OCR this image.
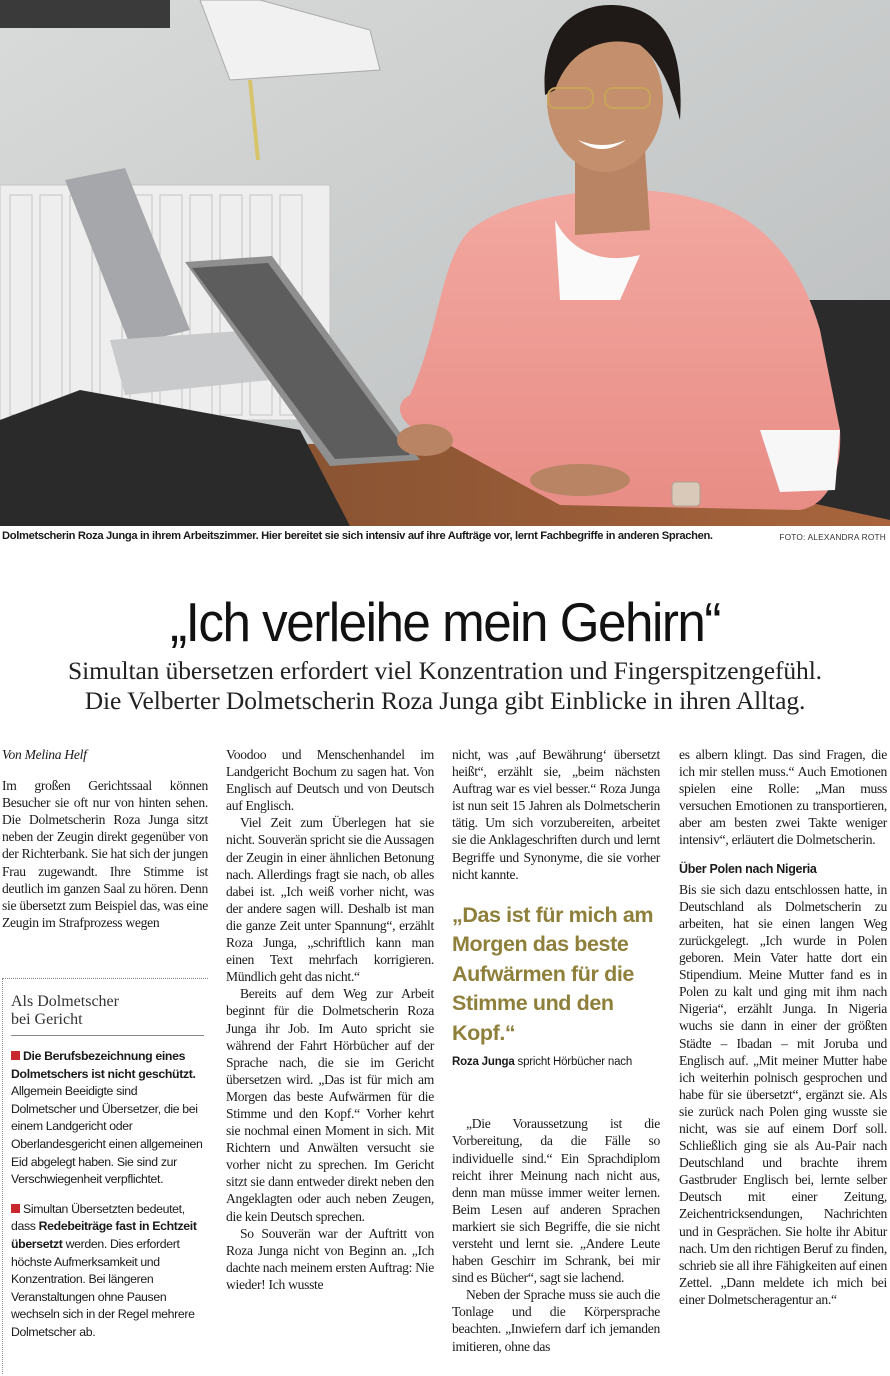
Dolmetscherin Roza Junga in ihrem Arbeitszimmer. Hier bereitet sie sich intensiv auf ihre Aufträge vor, lernt Fachbegriffe in anderen Sprachen.	FOTO: ALEXANDRA ROTH
„Ich verleihe mein Gehirn“
Simultan übersetzen erfordert viel Konzentration und Fingerspitzengefühl.
Die Velberter Dolmetscherin Roza Junga gibt Einblicke in ihren Alltag.

Von Melina Helf

Im großen Gerichtssaal können Besucher sie oft nur von hinten sehen. Die Dolmetscherin Roza Junga sitzt neben der Zeugin direkt gegenüber von der Richterbank. Sie hat sich der jungen Frau zugewandt. Ihre Stimme ist deutlich im ganzen Saal zu hören. Denn sie übersetzt zum Beispiel das, was eine Zeugin im Strafprozess wegen

Als Dolmetscher
bei Gericht

Die Berufsbezeichnung eines Dolmetschers ist nicht geschützt. Allgemein Beeidigte sind Dolmetscher und Übersetzer, die bei einem Landgericht oder Oberlandesgericht einen allgemeinen Eid abgelegt haben. Sie sind zur Verschwiegenheit verpflichtet.

Simultan Übersetzten bedeutet, dass Redebeiträge fast in Echtzeit übersetzt werden. Dies erfordert höchste Aufmerksamkeit und Konzentration. Bei längeren Veranstaltungen ohne Pausen wechseln sich in der Regel mehrere Dolmetscher ab.

Voodoo und Menschenhandel im Landgericht Bochum zu sagen hat. Von Englisch auf Deutsch und von Deutsch auf Englisch.

Viel Zeit zum Überlegen hat sie nicht. Souverän spricht sie die Aussagen der Zeugin in einer ähnlichen Betonung nach. Allerdings fragt sie nach, ob alles dabei ist. „Ich weiß vorher nicht, was der andere sagen will. Deshalb ist man die ganze Zeit unter Spannung“, erzählt Roza Junga, „schriftlich kann man einen Text mehrfach korrigieren. Mündlich geht das nicht.“

Bereits auf dem Weg zur Arbeit beginnt für die Dolmetscherin Roza Junga ihr Job. Im Auto spricht sie während der Fahrt Hörbücher auf der Sprache nach, die sie im Gericht übersetzen wird. „Das ist für mich am Morgen das beste Aufwärmen für die Stimme und den Kopf.“ Vorher kehrt sie nochmal einen Moment in sich. Mit Richtern und Anwälten versucht sie vorher nicht zu sprechen. Im Gericht sitzt sie dann entweder direkt neben den Angeklagten oder auch neben Zeugen, die kein Deutsch sprechen.

So Souverän war der Auftritt von Roza Junga nicht von Beginn an. „Ich dachte nach meinem ersten Auftrag: Nie wieder! Ich wusste

nicht, was ‚auf Bewährung‘ übersetzt heißt“, erzählt sie, „beim nächsten Auftrag war es viel besser.“ Roza Junga ist nun seit 15 Jahren als Dolmetscherin tätig. Um sich vorzubereiten, arbeitet sie die Anklageschriften durch und lernt Begriffe und Synonyme, die sie vorher nicht kannte.

„Das ist für mich am Morgen das beste Aufwärmen für die Stimme und den Kopf.“
Roza Junga spricht Hörbücher nach

„Die Voraussetzung ist die Vorbereitung, da die Fälle so individuelle sind.“ Ein Sprachdiplom reicht ihrer Meinung nach nicht aus, denn man müsse immer weiter lernen. Beim Lesen auf anderen Sprachen markiert sie sich Begriffe, die sie nicht versteht und lernt sie. „Andere Leute haben Geschirr im Schrank, bei mir sind es Bücher“, sagt sie lachend.

Neben der Sprache muss sie auch die Tonlage und die Körpersprache beachten. „Inwiefern darf ich jemanden imitieren, ohne das

es albern klingt. Das sind Fragen, die ich mir stellen muss.“ Auch Emotionen spielen eine Rolle: „Man muss versuchen Emotionen zu transportieren, aber am besten zwei Takte weniger intensiv“, erläutert die Dolmetscherin.

Über Polen nach Nigeria

Bis sie sich dazu entschlossen hatte, in Deutschland als Dolmetscherin zu arbeiten, hat sie einen langen Weg zurückgelegt. „Ich wurde in Polen geboren. Mein Vater hatte dort ein Stipendium. Meine Mutter fand es in Polen zu kalt und ging mit ihm nach Nigeria“, erzählt Junga. In Nigeria wuchs sie dann in einer der größten Städte – Ibadan – mit Joruba und Englisch auf. „Mit meiner Mutter habe ich weiterhin polnisch gesprochen und habe für sie übersetzt“, ergänzt sie. Als sie zurück nach Polen ging wusste sie nicht, was sie auf einem Dorf soll. Schließlich ging sie als Au-Pair nach Deutschland und brachte ihrem Gastbruder Englisch bei, lernte selber Deutsch mit einer Zeitung, Zeichentricksendungen, Nachrichten und in Gesprächen. Sie holte ihr Abitur nach. Um den richtigen Beruf zu finden, schrieb sie all ihre Fähigkeiten auf einen Zettel. „Dann meldete ich mich bei einer Dolmetscheragentur an.“
